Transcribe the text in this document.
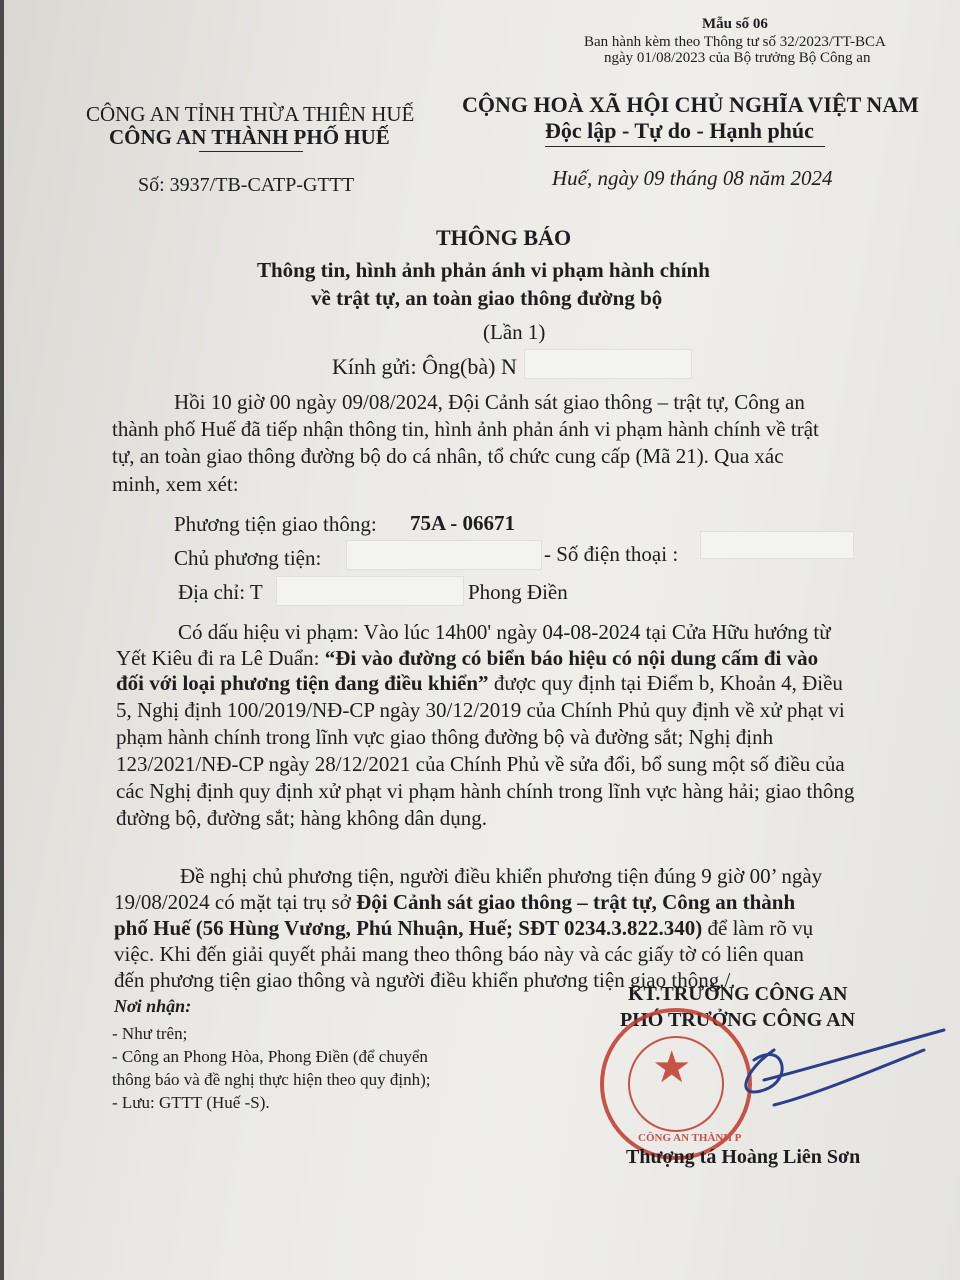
Mẫu số 06
Ban hành kèm theo Thông tư số 32/2023/TT-BCA
ngày 01/08/2023 của Bộ trưởng Bộ Công an
CÔNG AN TỈNH THỪA THIÊN HUẾ
CÔNG AN THÀNH PHỐ HUẾ
CỘNG HOÀ XÃ HỘI CHỦ NGHĨA VIỆT NAM
Độc lập - Tự do - Hạnh phúc
Số: 3937/TB-CATP-GTTT	Huế, ngày 09 tháng 08 năm 2024
THÔNG BÁO
Thông tin, hình ảnh phản ánh vi phạm hành chính
về trật tự, an toàn giao thông đường bộ
(Lần 1)
Kính gửi: Ông(bà) N
Hồi 10 giờ 00 ngày 09/08/2024, Đội Cảnh sát giao thông – trật tự, Công an
thành phố Huế đã tiếp nhận thông tin, hình ảnh phản ánh vi phạm hành chính về trật
tự, an toàn giao thông đường bộ do cá nhân, tổ chức cung cấp (Mã 21). Qua xác
minh, xem xét:
Phương tiện giao thông: 75A - 06671
Chủ phương tiện:	- Số điện thoại :
Địa chỉ: T	Phong Điền
Có dấu hiệu vi phạm: Vào lúc 14h00' ngày 04-08-2024 tại Cửa Hữu hướng từ
Yết Kiêu đi ra Lê Duẩn: “Đi vào đường có biển báo hiệu có nội dung cấm đi vào
đối với loại phương tiện đang điều khiển” được quy định tại Điểm b, Khoản 4, Điều
5, Nghị định 100/2019/NĐ-CP ngày 30/12/2019 của Chính Phủ quy định về xử phạt vi
phạm hành chính trong lĩnh vực giao thông đường bộ và đường sắt; Nghị định
123/2021/NĐ-CP ngày 28/12/2021 của Chính Phủ về sửa đổi, bổ sung một số điều của
các Nghị định quy định xử phạt vi phạm hành chính trong lĩnh vực hàng hải; giao thông
đường bộ, đường sắt; hàng không dân dụng.
Đề nghị chủ phương tiện, người điều khiển phương tiện đúng 9 giờ 00’ ngày
19/08/2024 có mặt tại trụ sở Đội Cảnh sát giao thông – trật tự, Công an thành
phố Huế (56 Hùng Vương, Phú Nhuận, Huế; SĐT 0234.3.822.340) để làm rõ vụ
việc. Khi đến giải quyết phải mang theo thông báo này và các giấy tờ có liên quan
đến phương tiện giao thông và người điều khiển phương tiện giao thông./.
Nơi nhận:
- Như trên;
- Công an Phong Hòa, Phong Điền (để chuyển
thông báo và đề nghị thực hiện theo quy định);
- Lưu: GTTT (Huế -S).
KT.TRƯỞNG CÔNG AN
PHÓ TRƯỞNG CÔNG AN
★
CÔNG AN THÀNH P
Thượng tá Hoàng Liên Sơn
